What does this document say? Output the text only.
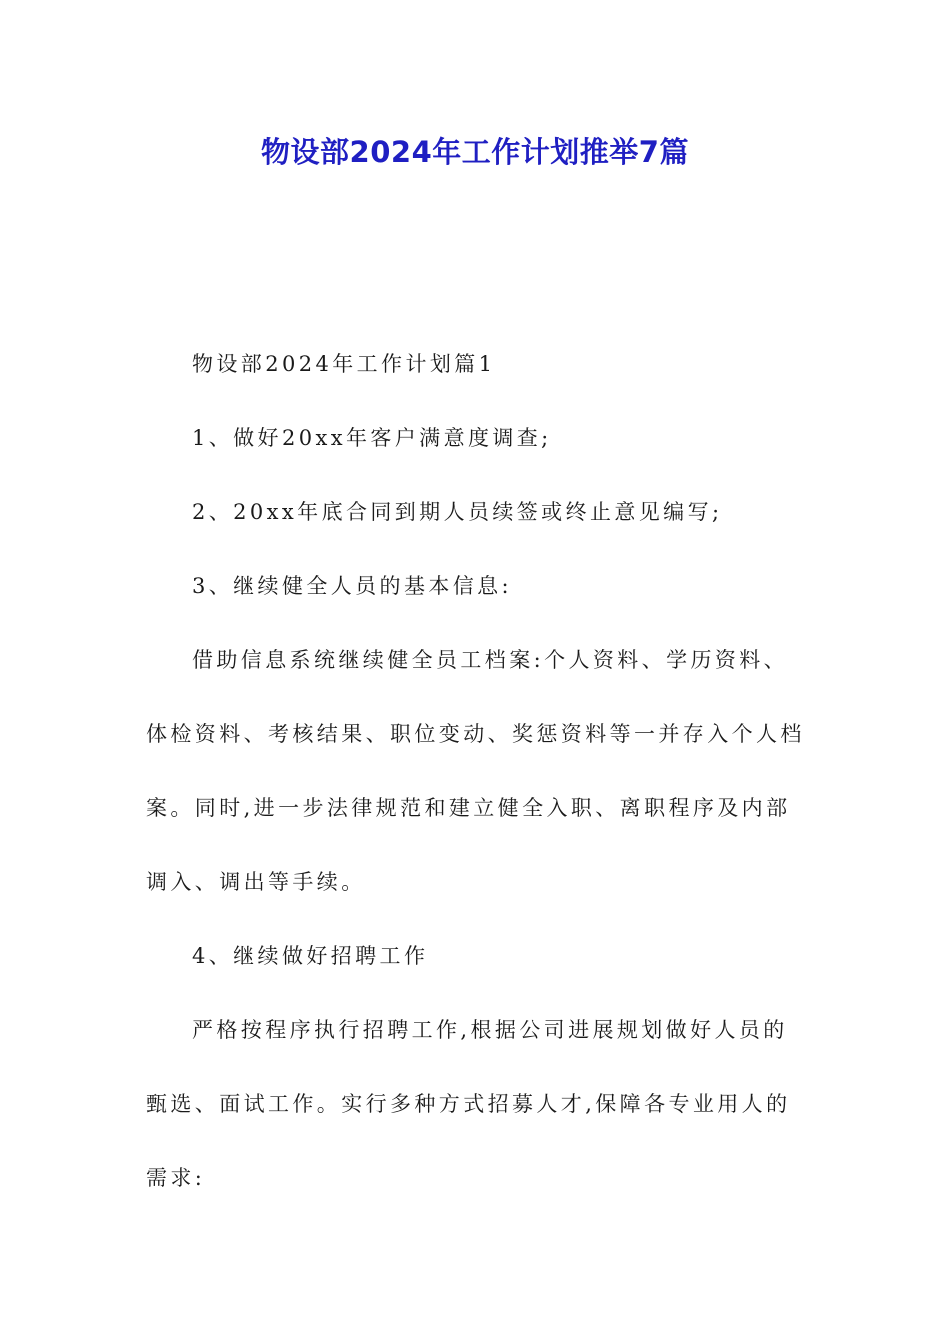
物设部2024年工作计划推举7篇
物设部2024年工作计划篇1
1、做好20xx年客户满意度调查;
2、20xx年底合同到期人员续签或终止意见编写;
3、继续健全人员的基本信息:
借助信息系统继续健全员工档案:个人资料、学历资料、
体检资料、考核结果、职位变动、奖惩资料等一并存入个人档
案。同时,进一步法律规范和建立健全入职、离职程序及内部
调入、调出等手续。
4、继续做好招聘工作
严格按程序执行招聘工作,根据公司进展规划做好人员的
甄选、面试工作。实行多种方式招募人才,保障各专业用人的
需求:
